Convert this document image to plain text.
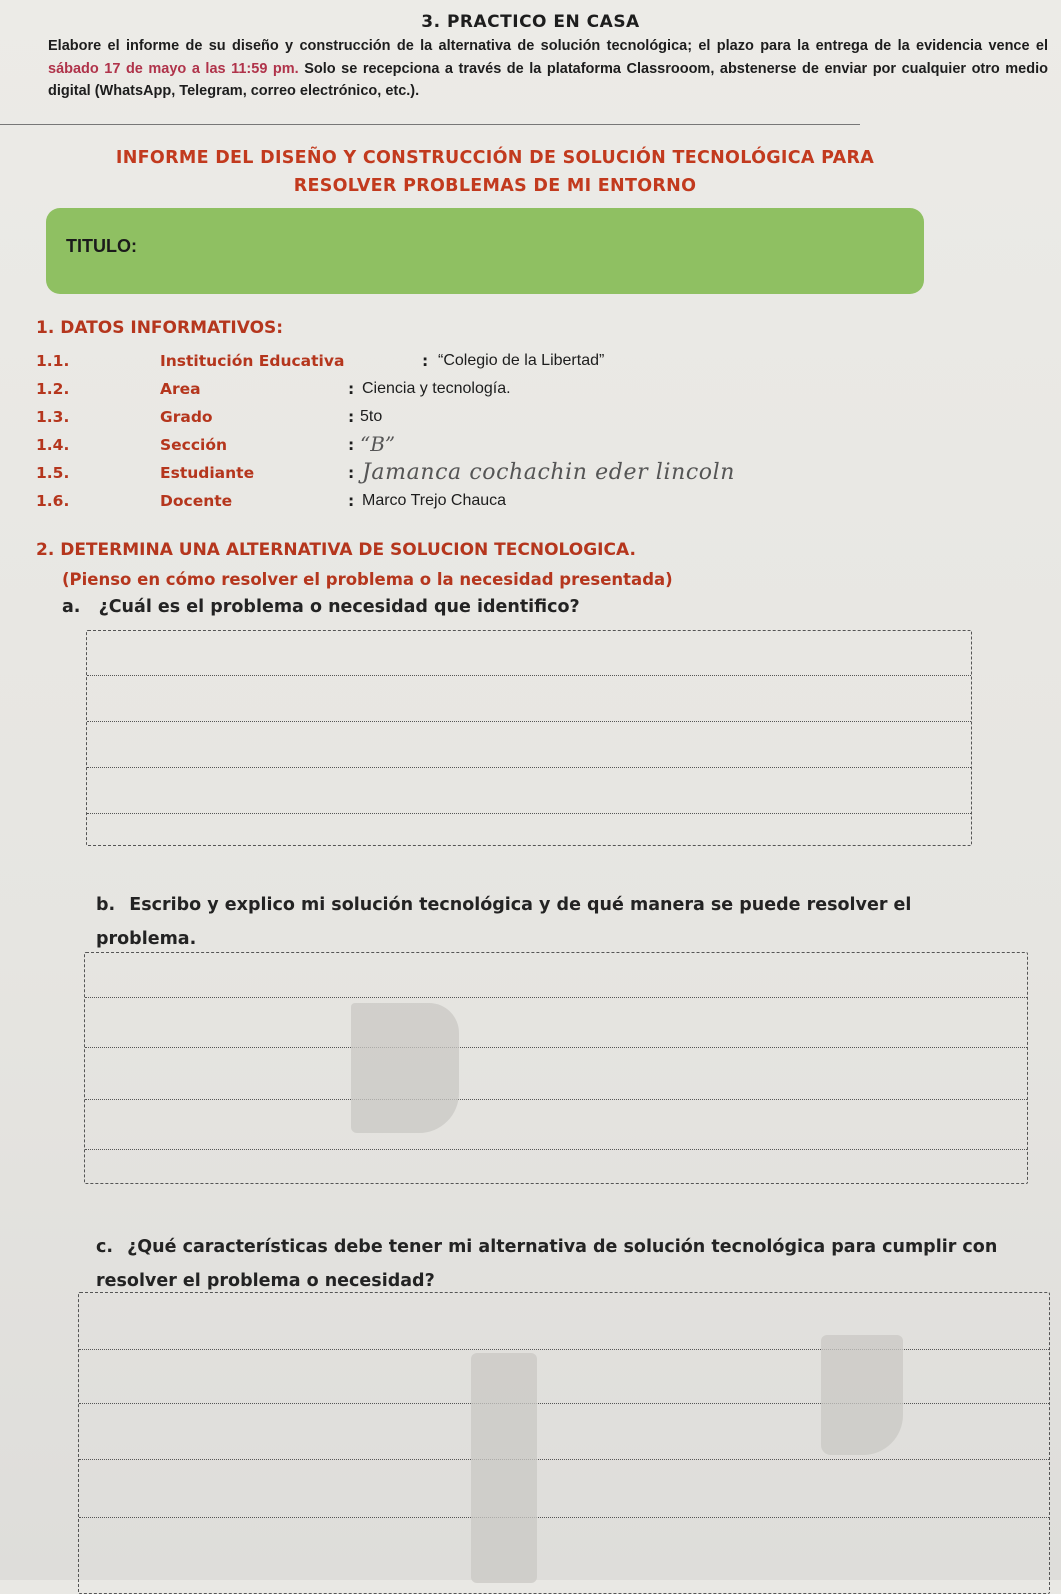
3. PRACTICO EN CASA
Elabore el informe de su diseño y construcción de la alternativa de solución tecnológica; el plazo para la entrega de la evidencia vence el sábado 17 de mayo a las 11:59 pm. Solo se recepciona a través de la plataforma Classrooom, abstenerse de enviar por cualquier otro medio digital (WhatsApp, Telegram, correo electrónico, etc.).
INFORME DEL DISEÑO Y CONSTRUCCIÓN DE SOLUCIÓN TECNOLÓGICA PARA
RESOLVER PROBLEMAS DE MI ENTORNO
TITULO:
1. DATOS INFORMATIVOS:
1.1.	Institución Educativa	: “Colegio de la Libertad”
1.2.	Area	: Ciencia y tecnología.
1.3.	Grado	: 5to
1.4.	Sección	: “B”
1.5.	Estudiante	: Jamanca cochachin eder lincoln
1.6.	Docente	: Marco Trejo Chauca
2. DETERMINA UNA ALTERNATIVA DE SOLUCION TECNOLOGICA.
(Pienso en cómo resolver el problema o la necesidad presentada)
a. ¿Cuál es el problema o necesidad que identifico?
b. Escribo y explico mi solución tecnológica y de qué manera se puede resolver el problema.
c. ¿Qué características debe tener mi alternativa de solución tecnológica para cumplir con resolver el problema o necesidad?
